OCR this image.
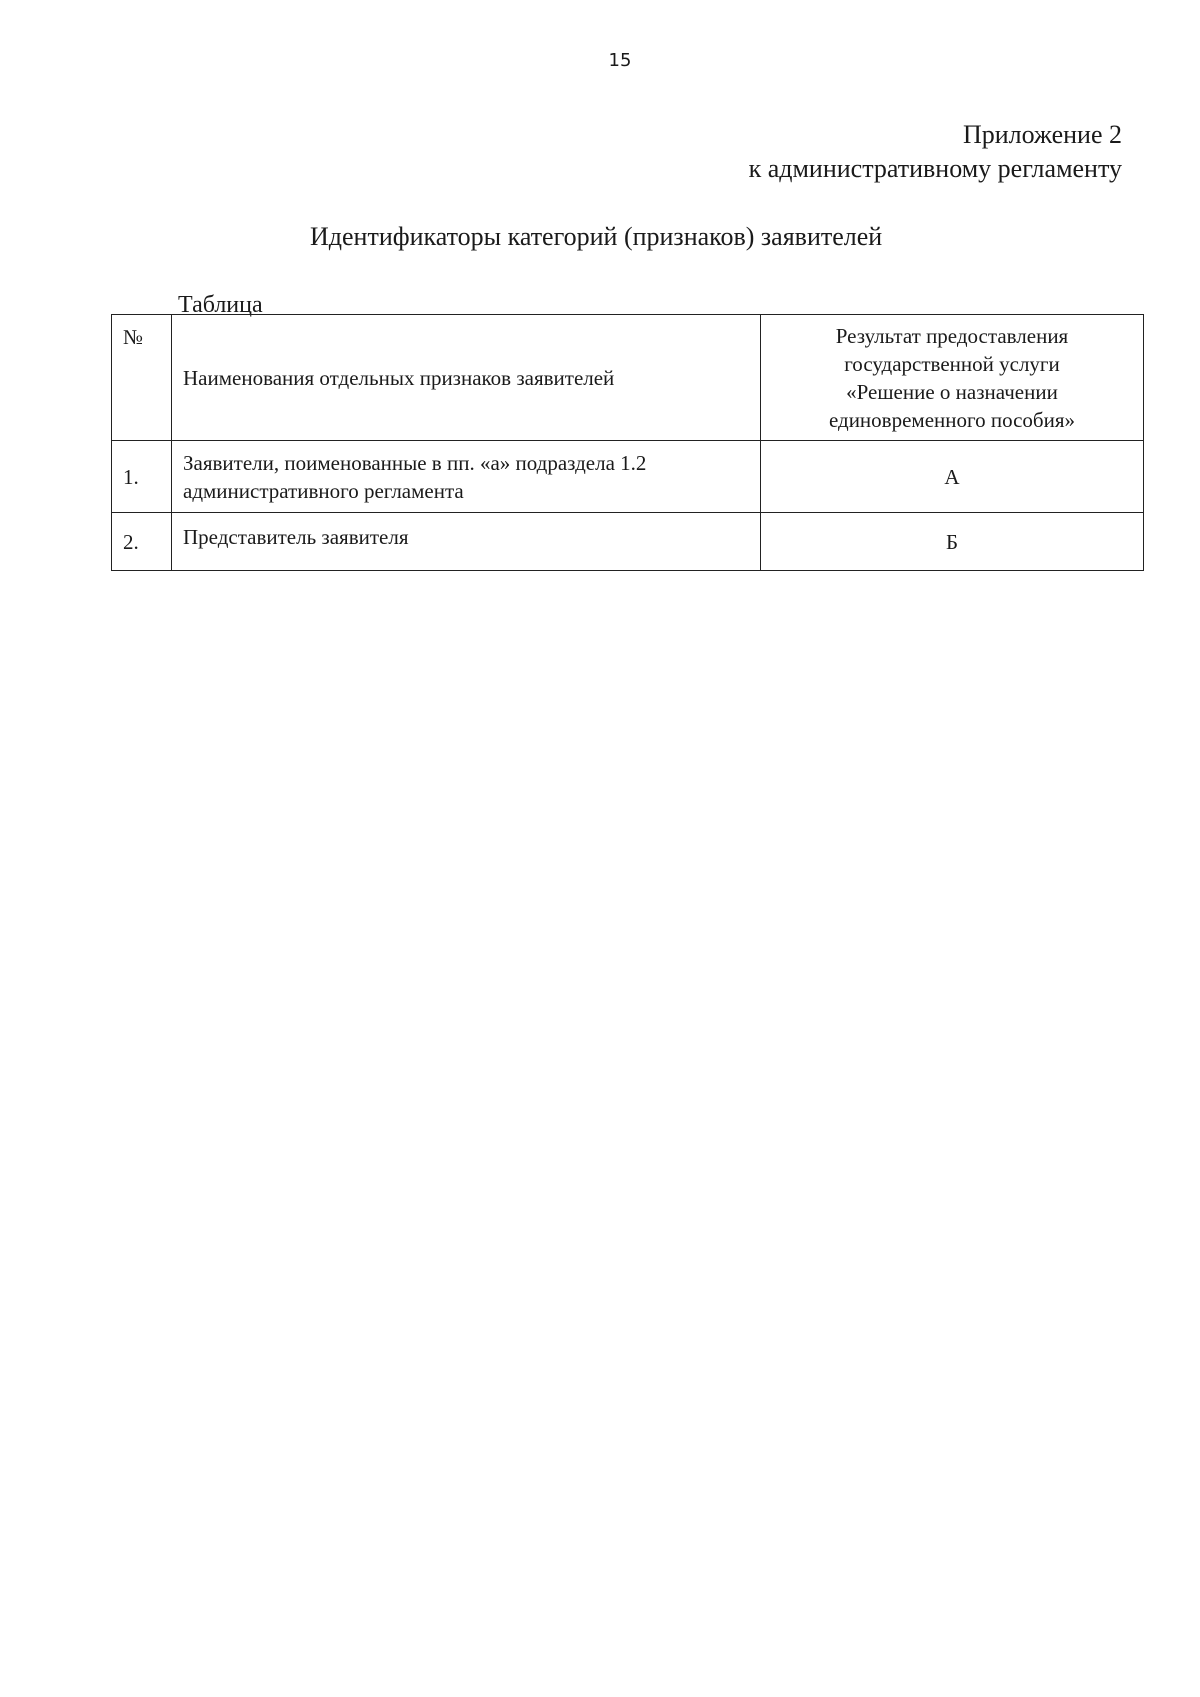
15
Приложение 2
к административному регламенту
Идентификаторы категорий (признаков) заявителей
Таблица
№	Наименования отдельных признаков заявителей	Результат предоставления
государственной услуги
«Решение о назначении
единовременного пособия»

1.	Заявители, поименованные в пп. «а» подраздела 1.2
административного регламента	А
2.	Представитель заявителя	Б
